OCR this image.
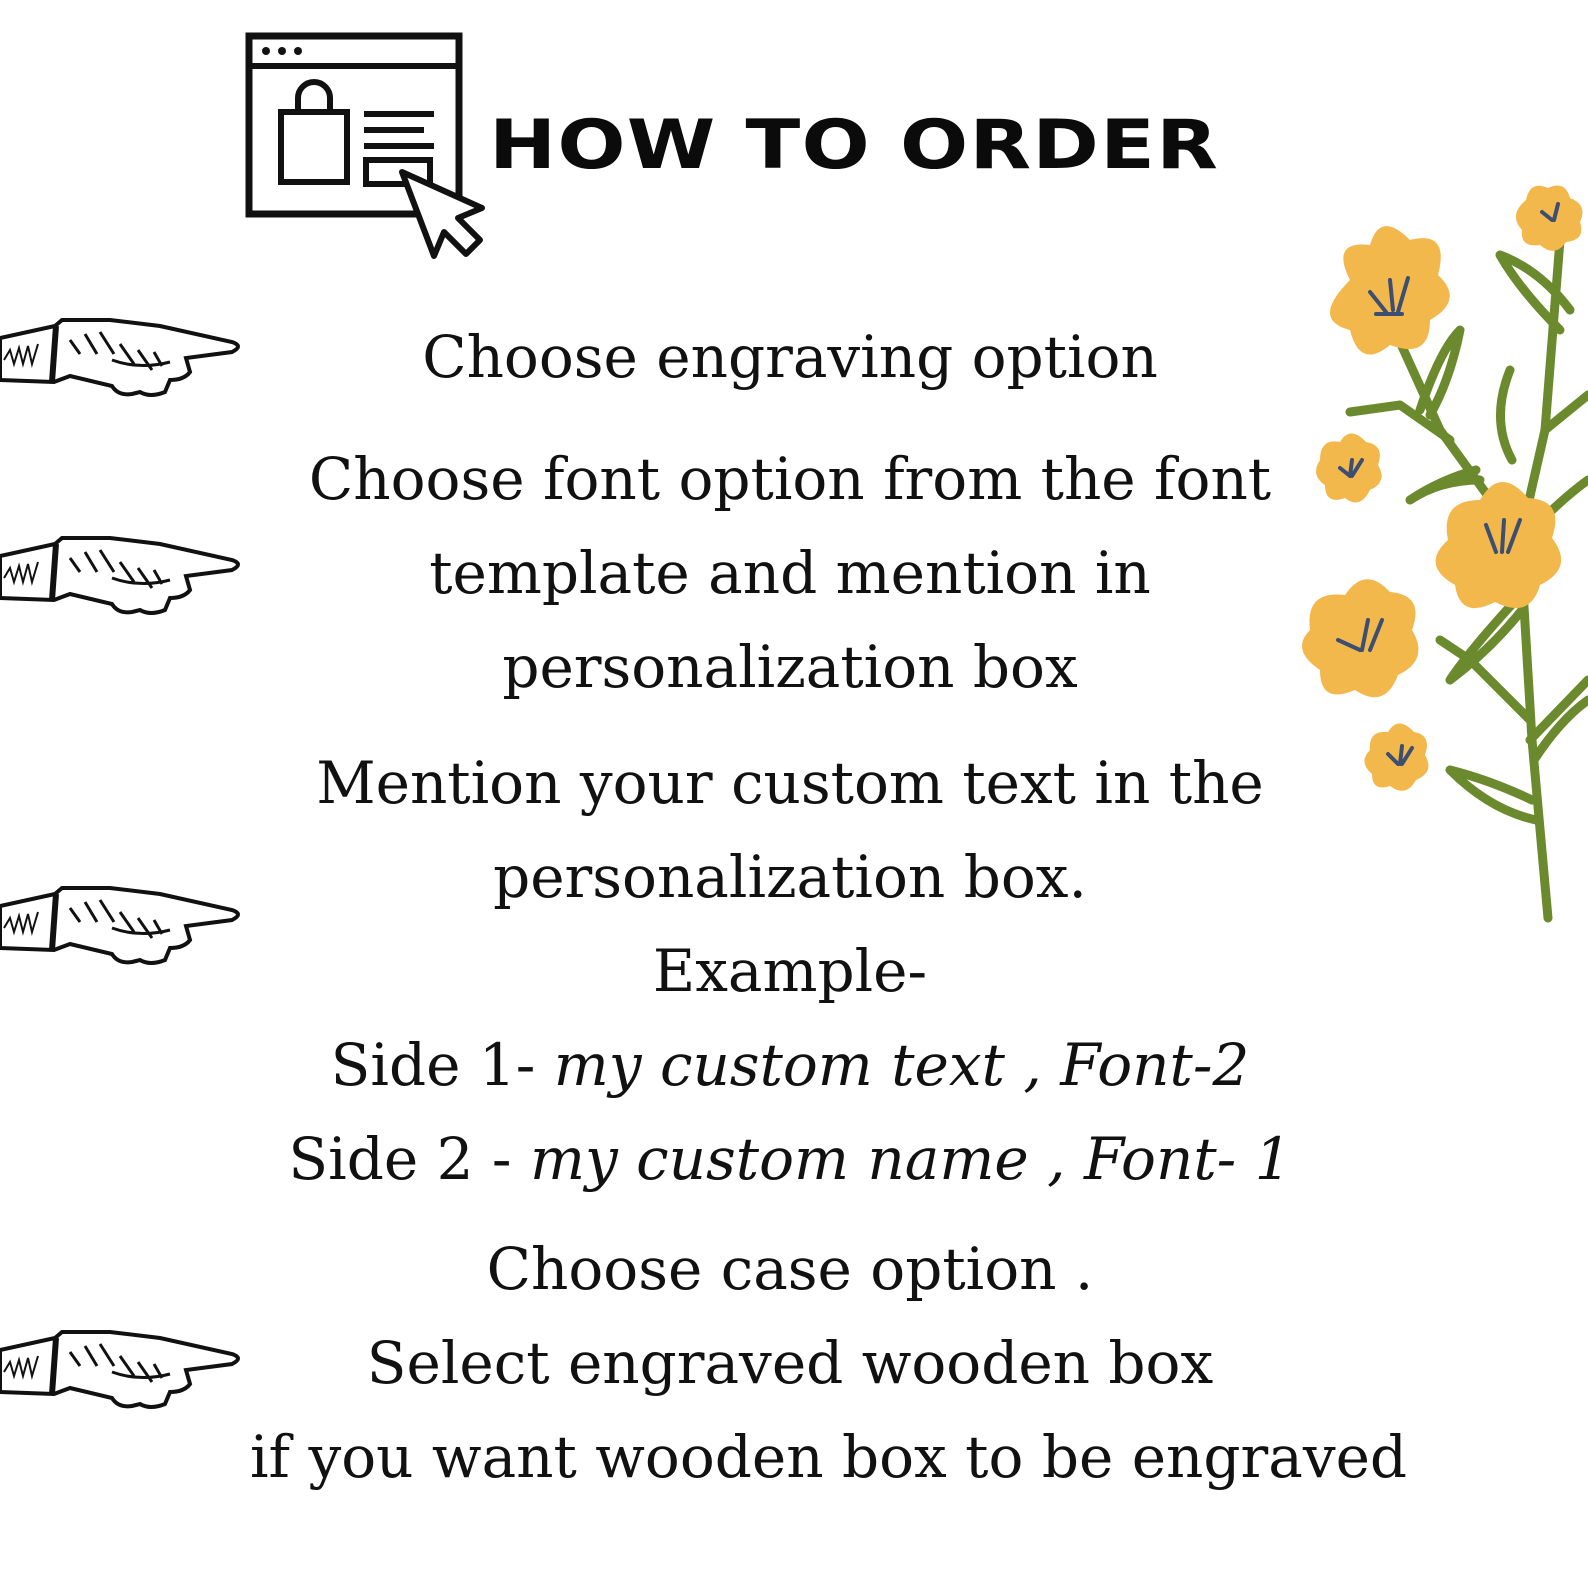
HOW TO ORDER
Choose engraving option
Choose font option from the font
template and mention in
personalization box
Mention your custom text in the
personalization box.
Example-
Side 1- my custom text , Font-2
Side 2 - my custom name , Font- 1
Choose case option .
Select engraved wooden box
if you want wooden box to be engraved
